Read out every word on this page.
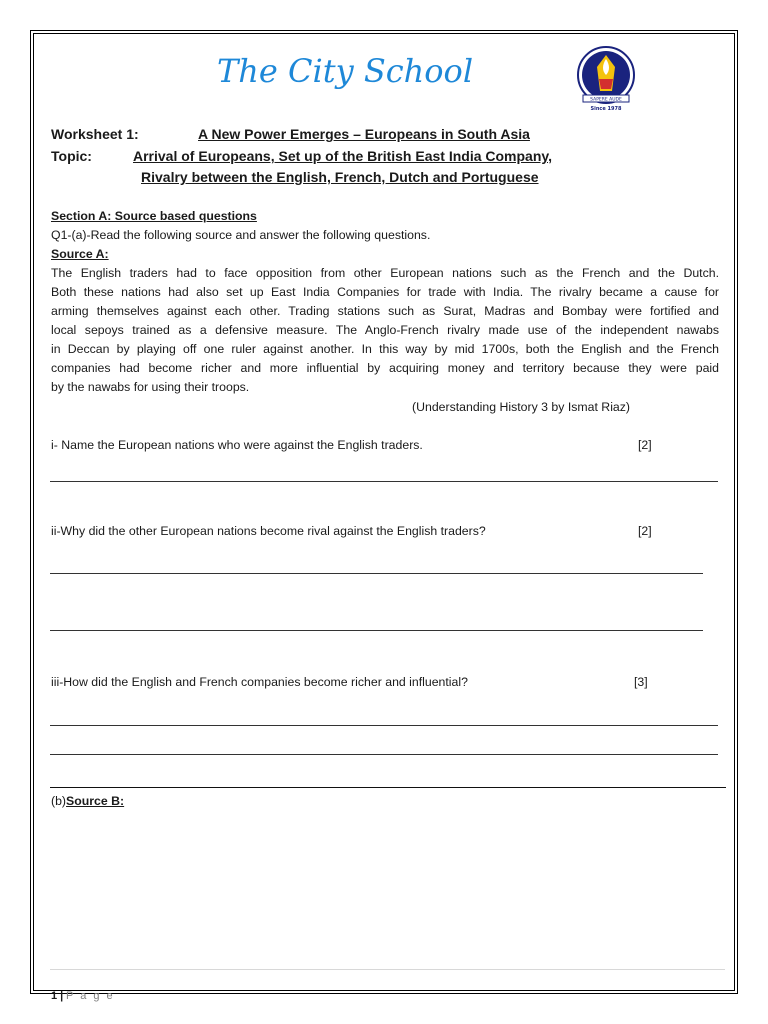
The City School
SAPERE AUDE
Since 1978
Worksheet 1:	A New Power Emerges – Europeans in South Asia
Topic:	Arrival of Europeans, Set up of the British East India Company,
Rivalry between the English, French, Dutch and Portuguese
Section A: Source based questions
Q1-(a)-Read the following source and answer the following questions.
Source A:
The English traders had to face opposition from other European nations such as the French and the Dutch.
Both these nations had also set up East India Companies for trade with India. The rivalry became a cause for
arming themselves against each other. Trading stations such as Surat, Madras and Bombay were fortified and
local sepoys trained as a defensive measure. The Anglo-French rivalry made use of the independent nawabs
in Deccan by playing off one ruler against another. In this way by mid 1700s, both the English and the French
companies had become richer and more influential by acquiring money and territory because they were paid
by the nawabs for using their troops.
(Understanding History 3 by Ismat Riaz)
i- Name the European nations who were against the English traders.	[2]
ii-Why did the other European nations become rival against the English traders?	[2]
iii-How did the English and French companies become richer and influential?	[3]
(b)Source B:
1 | P a g e
